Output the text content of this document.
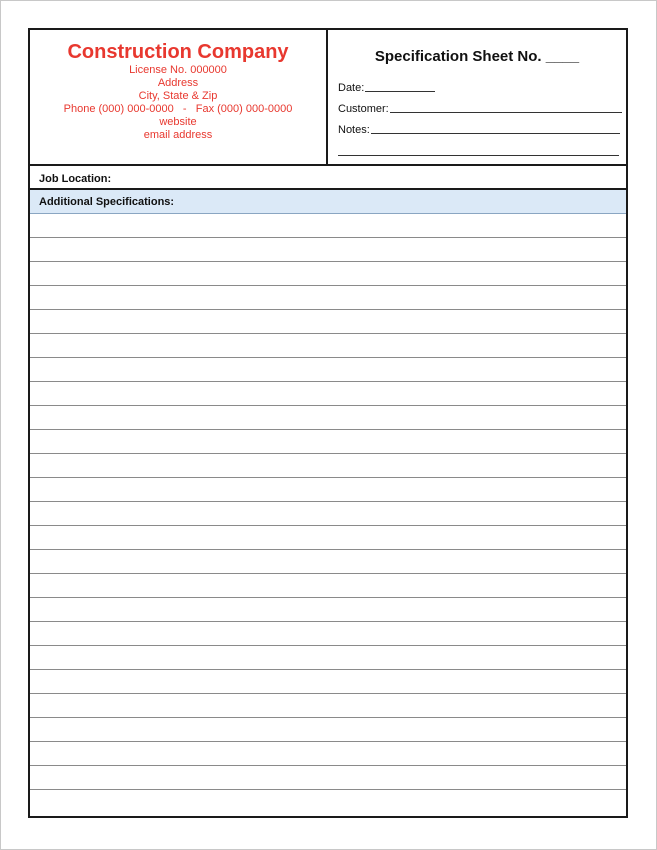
Construction Company
License No. 000000
Address
City, State & Zip
Phone (000) 000-0000   -   Fax (000) 000-0000
website
email address
Specification Sheet No. ____
Date:
Customer:
Notes:
Job Location:
Additional Specifications:
